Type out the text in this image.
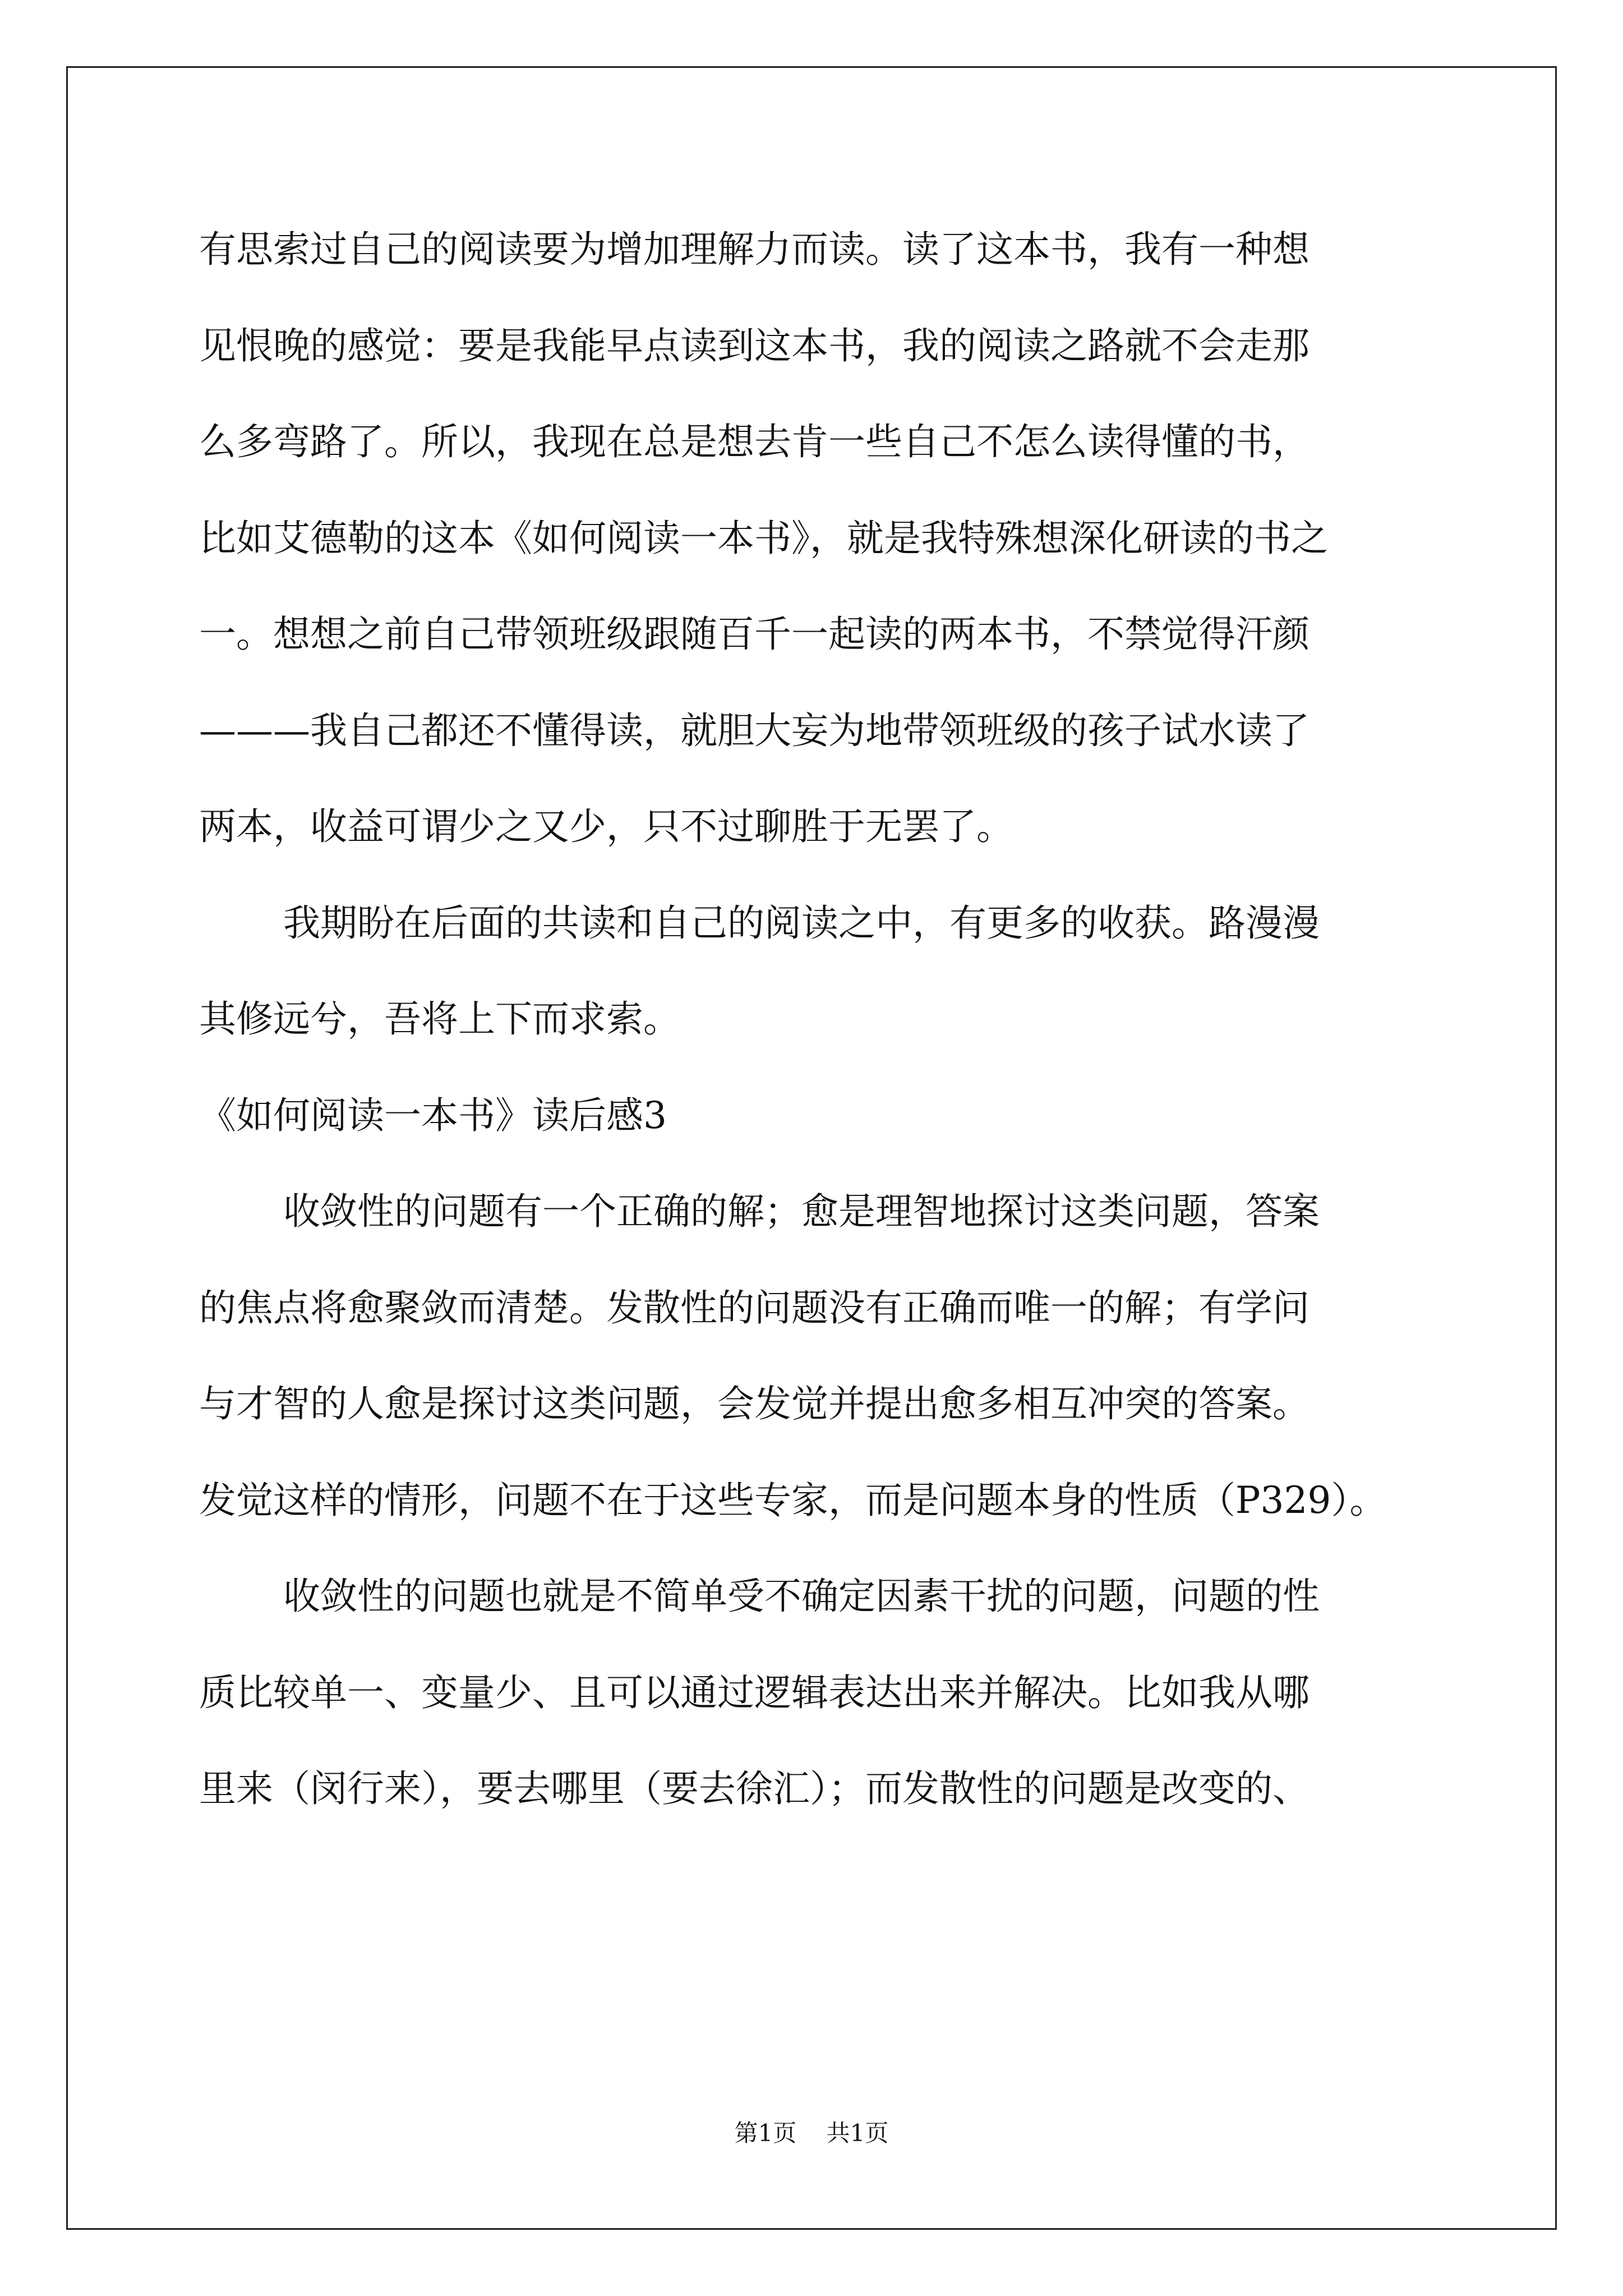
有思索过自己的阅读要为增加理解力而读。读了这本书，我有一种想
见恨晚的感觉：要是我能早点读到这本书，我的阅读之路就不会走那
么多弯路了。所以，我现在总是想去肯一些自己不怎么读得懂的书，
比如艾德勒的这本《如何阅读一本书》，就是我特殊想深化研读的书之
一。想想之前自己带领班级跟随百千一起读的两本书，不禁觉得汗颜
———我自己都还不懂得读，就胆大妄为地带领班级的孩子试水读了
两本，收益可谓少之又少，只不过聊胜于无罢了。
我期盼在后面的共读和自己的阅读之中，有更多的收获。路漫漫
其修远兮，吾将上下而求索。
《如何阅读一本书》读后感3
收敛性的问题有一个正确的解；愈是理智地探讨这类问题，答案
的焦点将愈聚敛而清楚。发散性的问题没有正确而唯一的解；有学问
与才智的人愈是探讨这类问题，会发觉并提出愈多相互冲突的答案。
发觉这样的情形，问题不在于这些专家，而是问题本身的性质（P329）。
收敛性的问题也就是不简单受不确定因素干扰的问题，问题的性
质比较单一、变量少、且可以通过逻辑表达出来并解决。比如我从哪
里来（闵行来），要去哪里（要去徐汇）；而发散性的问题是改变的、
第1页    共1页
